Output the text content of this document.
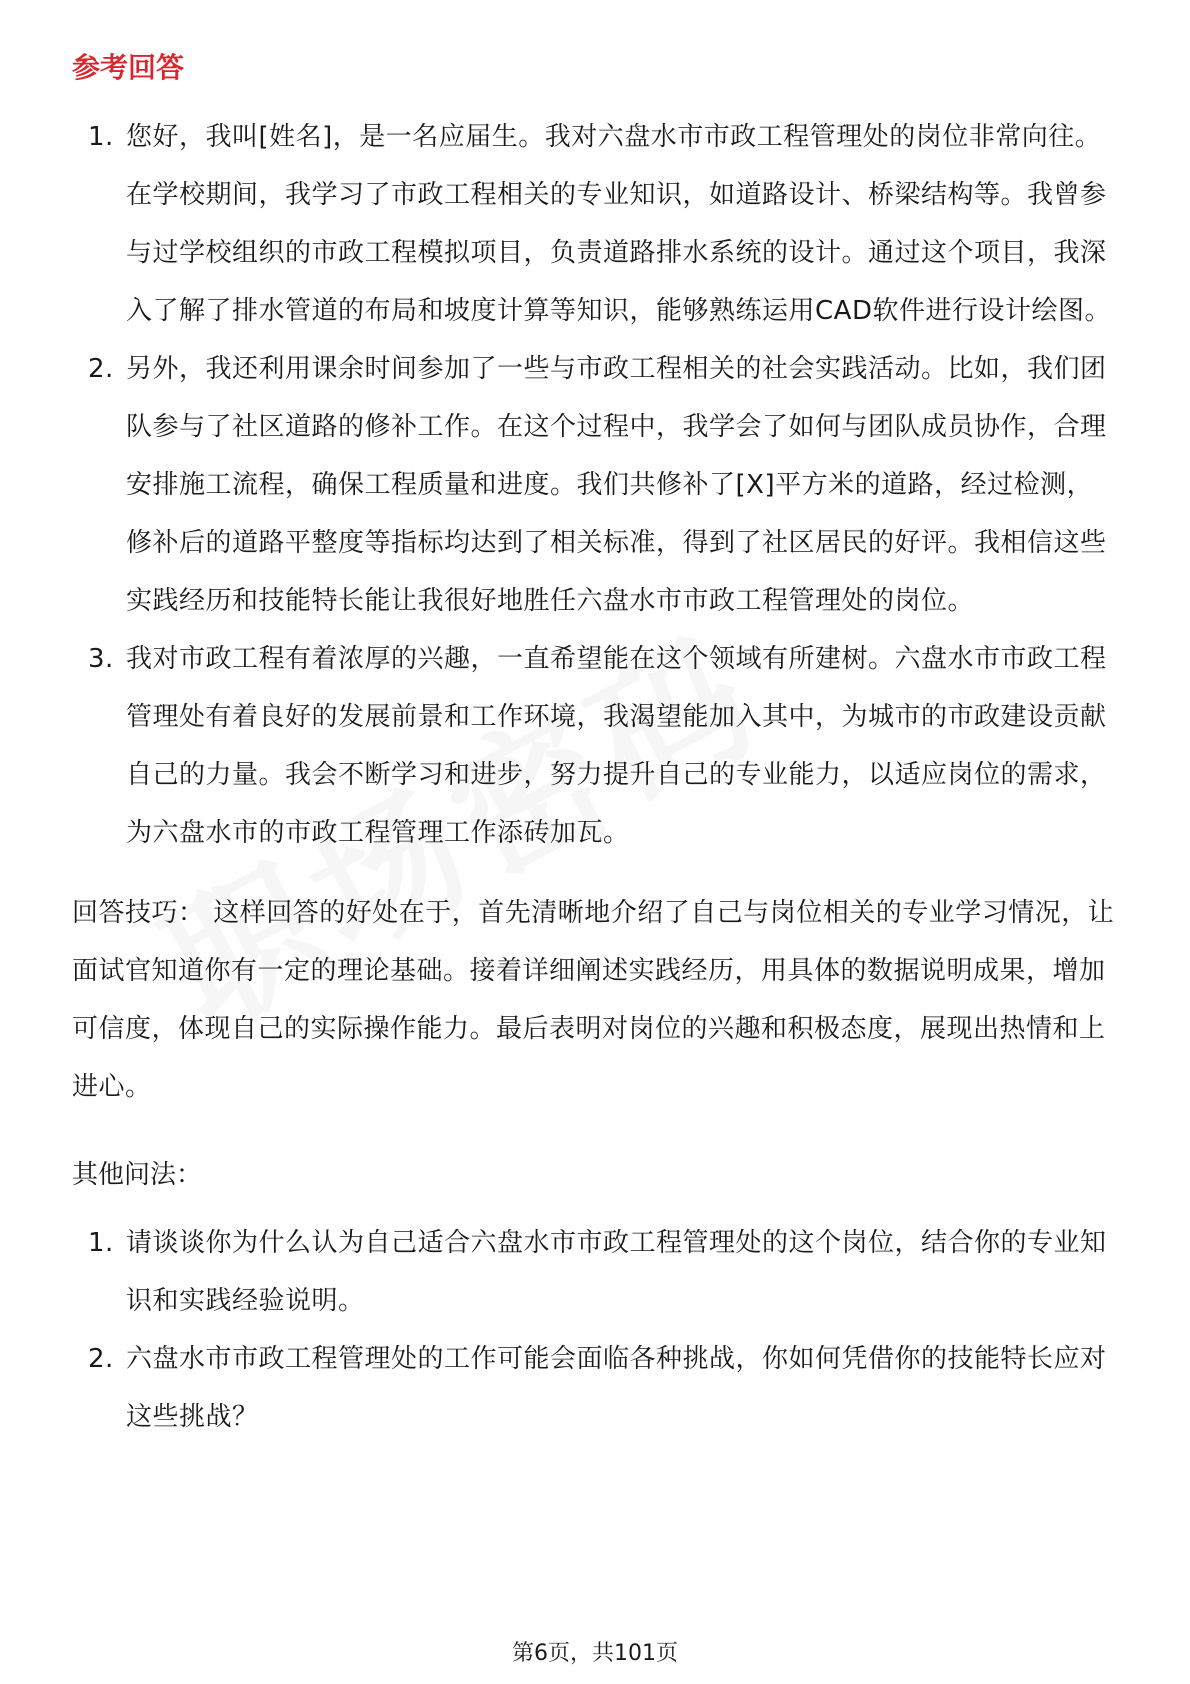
参考回答
1. 您好，我叫[姓名]，是一名应届生。我对六盘水市市政工程管理处的岗位非常向往。在学校期间，我学习了市政工程相关的专业知识，如道路设计、桥梁结构等。我曾参与过学校组织的市政工程模拟项目，负责道路排水系统的设计。通过这个项目，我深入了解了排水管道的布局和坡度计算等知识，能够熟练运用CAD软件进行设计绘图。
2. 另外，我还利用课余时间参加了一些与市政工程相关的社会实践活动。比如，我们团队参与了社区道路的修补工作。在这个过程中，我学会了如何与团队成员协作，合理安排施工流程，确保工程质量和进度。我们共修补了[X]平方米的道路，经过检测，修补后的道路平整度等指标均达到了相关标准，得到了社区居民的好评。我相信这些实践经历和技能特长能让我很好地胜任六盘水市市政工程管理处的岗位。
3. 我对市政工程有着浓厚的兴趣，一直希望能在这个领域有所建树。六盘水市市政工程管理处有着良好的发展前景和工作环境，我渴望能加入其中，为城市的市政建设贡献自己的力量。我会不断学习和进步，努力提升自己的专业能力，以适应岗位的需求，为六盘水市的市政工程管理工作添砖加瓦。
回答技巧： 这样回答的好处在于，首先清晰地介绍了自己与岗位相关的专业学习情况，让面试官知道你有一定的理论基础。接着详细阐述实践经历，用具体的数据说明成果，增加可信度，体现自己的实际操作能力。最后表明对岗位的兴趣和积极态度，展现出热情和上进心。
其他问法：
1. 请谈谈你为什么认为自己适合六盘水市市政工程管理处的这个岗位，结合你的专业知识和实践经验说明。
2. 六盘水市市政工程管理处的工作可能会面临各种挑战，你如何凭借你的技能特长应对这些挑战？
第6页，共101页
